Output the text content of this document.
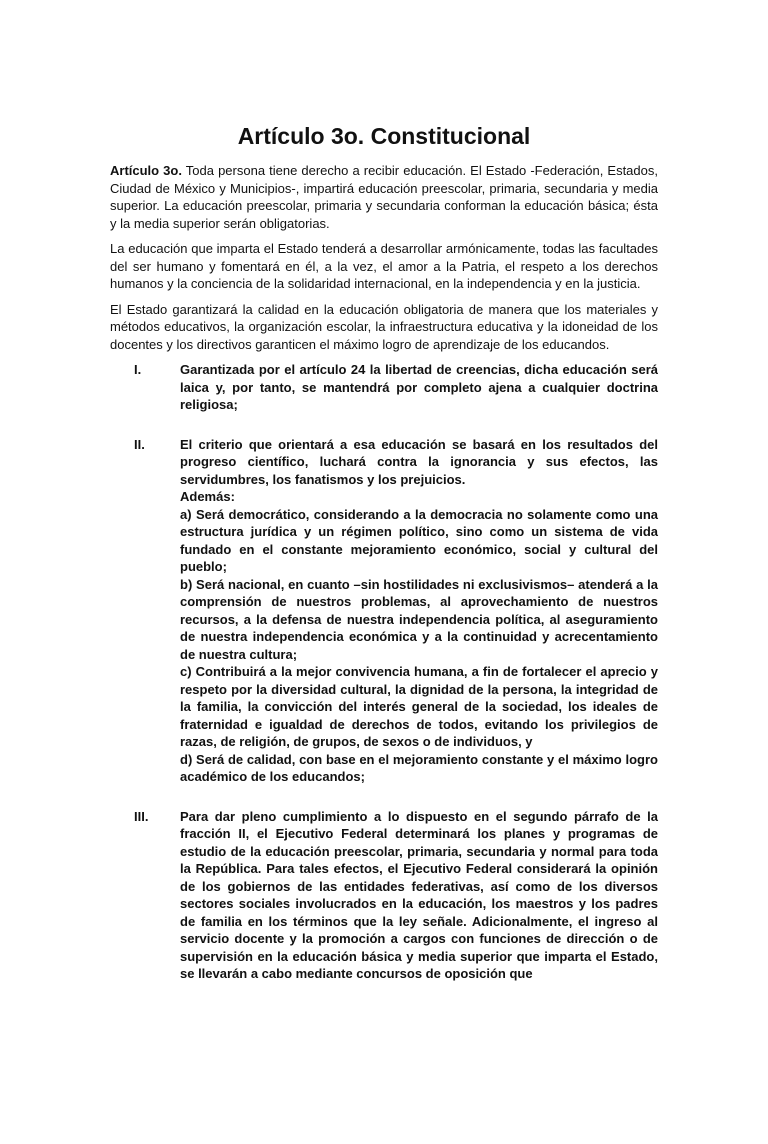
Artículo 3o. Constitucional

Artículo 3o. Toda persona tiene derecho a recibir educación. El Estado -Federación, Estados, Ciudad de México y Municipios-, impartirá educación preescolar, primaria, secundaria y media superior. La educación preescolar, primaria y secundaria conforman la educación básica; ésta y la media superior serán obligatorias.

La educación que imparta el Estado tenderá a desarrollar armónicamente, todas las facultades del ser humano y fomentará en él, a la vez, el amor a la Patria, el respeto a los derechos humanos y la conciencia de la solidaridad internacional, en la independencia y en la justicia.

El Estado garantizará la calidad en la educación obligatoria de manera que los materiales y métodos educativos, la organización escolar, la infraestructura educativa y la idoneidad de los docentes y los directivos garanticen el máximo logro de aprendizaje de los educandos.

I.	Garantizada por el artículo 24 la libertad de creencias, dicha educación será laica y, por tanto, se mantendrá por completo ajena a cualquier doctrina religiosa;

II.	El criterio que orientará a esa educación se basará en los resultados del progreso científico, luchará contra la ignorancia y sus efectos, las servidumbres, los fanatismos y los prejuicios.

Además:

a) Será democrático, considerando a la democracia no solamente como una estructura jurídica y un régimen político, sino como un sistema de vida fundado en el constante mejoramiento económico, social y cultural del pueblo;

b) Será nacional, en cuanto –sin hostilidades ni exclusivismos– atenderá a la comprensión de nuestros problemas, al aprovechamiento de nuestros recursos, a la defensa de nuestra independencia política, al aseguramiento de nuestra independencia económica y a la continuidad y acrecentamiento de nuestra cultura;

c) Contribuirá a la mejor convivencia humana, a fin de fortalecer el aprecio y respeto por la diversidad cultural, la dignidad de la persona, la integridad de la familia, la convicción del interés general de la sociedad, los ideales de fraternidad e igualdad de derechos de todos, evitando los privilegios de razas, de religión, de grupos, de sexos o de individuos, y

d) Será de calidad, con base en el mejoramiento constante y el máximo logro académico de los educandos;

III.	Para dar pleno cumplimiento a lo dispuesto en el segundo párrafo de la fracción II, el Ejecutivo Federal determinará los planes y programas de estudio de la educación preescolar, primaria, secundaria y normal para toda la República. Para tales efectos, el Ejecutivo Federal considerará la opinión de los gobiernos de las entidades federativas, así como de los diversos sectores sociales involucrados en la educación, los maestros y los padres de familia en los términos que la ley señale. Adicionalmente, el ingreso al servicio docente y la promoción a cargos con funciones de dirección o de supervisión en la educación básica y media superior que imparta el Estado, se llevarán a cabo mediante concursos de oposición que
